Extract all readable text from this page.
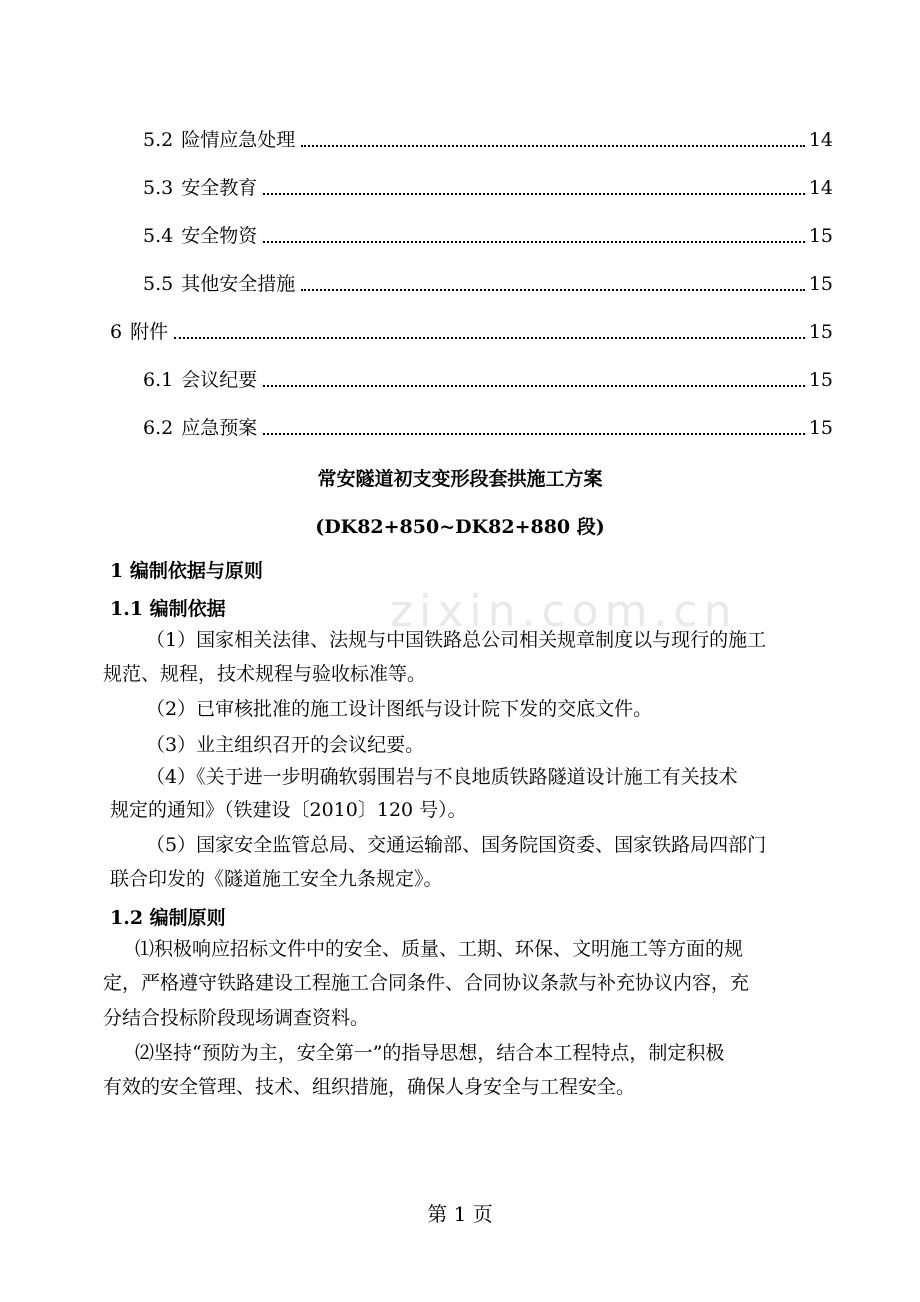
zixin.com.cn
5.2 险情应急处理	14
5.3 安全教育	14
5.4 安全物资	15
5.5 其他安全措施	15
6 附件	15
6.1 会议纪要	15
6.2 应急预案	15
常安隧道初支变形段套拱施工方案
(DK82+850~DK82+880 段)
1 编制依据与原则
1.1 编制依据
（1）国家相关法律、法规与中国铁路总公司相关规章制度以与现行的施工
规范、规程，技术规程与验收标准等。
（2）已审核批准的施工设计图纸与设计院下发的交底文件。
（3）业主组织召开的会议纪要。
（4）《关于进一步明确软弱围岩与不良地质铁路隧道设计施工有关技术
规定的通知》（铁建设〔2010〕120 号）。
（5）国家安全监管总局、交通运输部、国务院国资委、国家铁路局四部门
联合印发的《隧道施工安全九条规定》。
1.2 编制原则
⑴积极响应招标文件中的安全、质量、工期、环保、文明施工等方面的规
定，严格遵守铁路建设工程施工合同条件、合同协议条款与补充协议内容，充
分结合投标阶段现场调查资料。
⑵坚持“预防为主，安全第一”的指导思想，结合本工程特点，制定积极
有效的安全管理、技术、组织措施，确保人身安全与工程安全。
第 1 页
